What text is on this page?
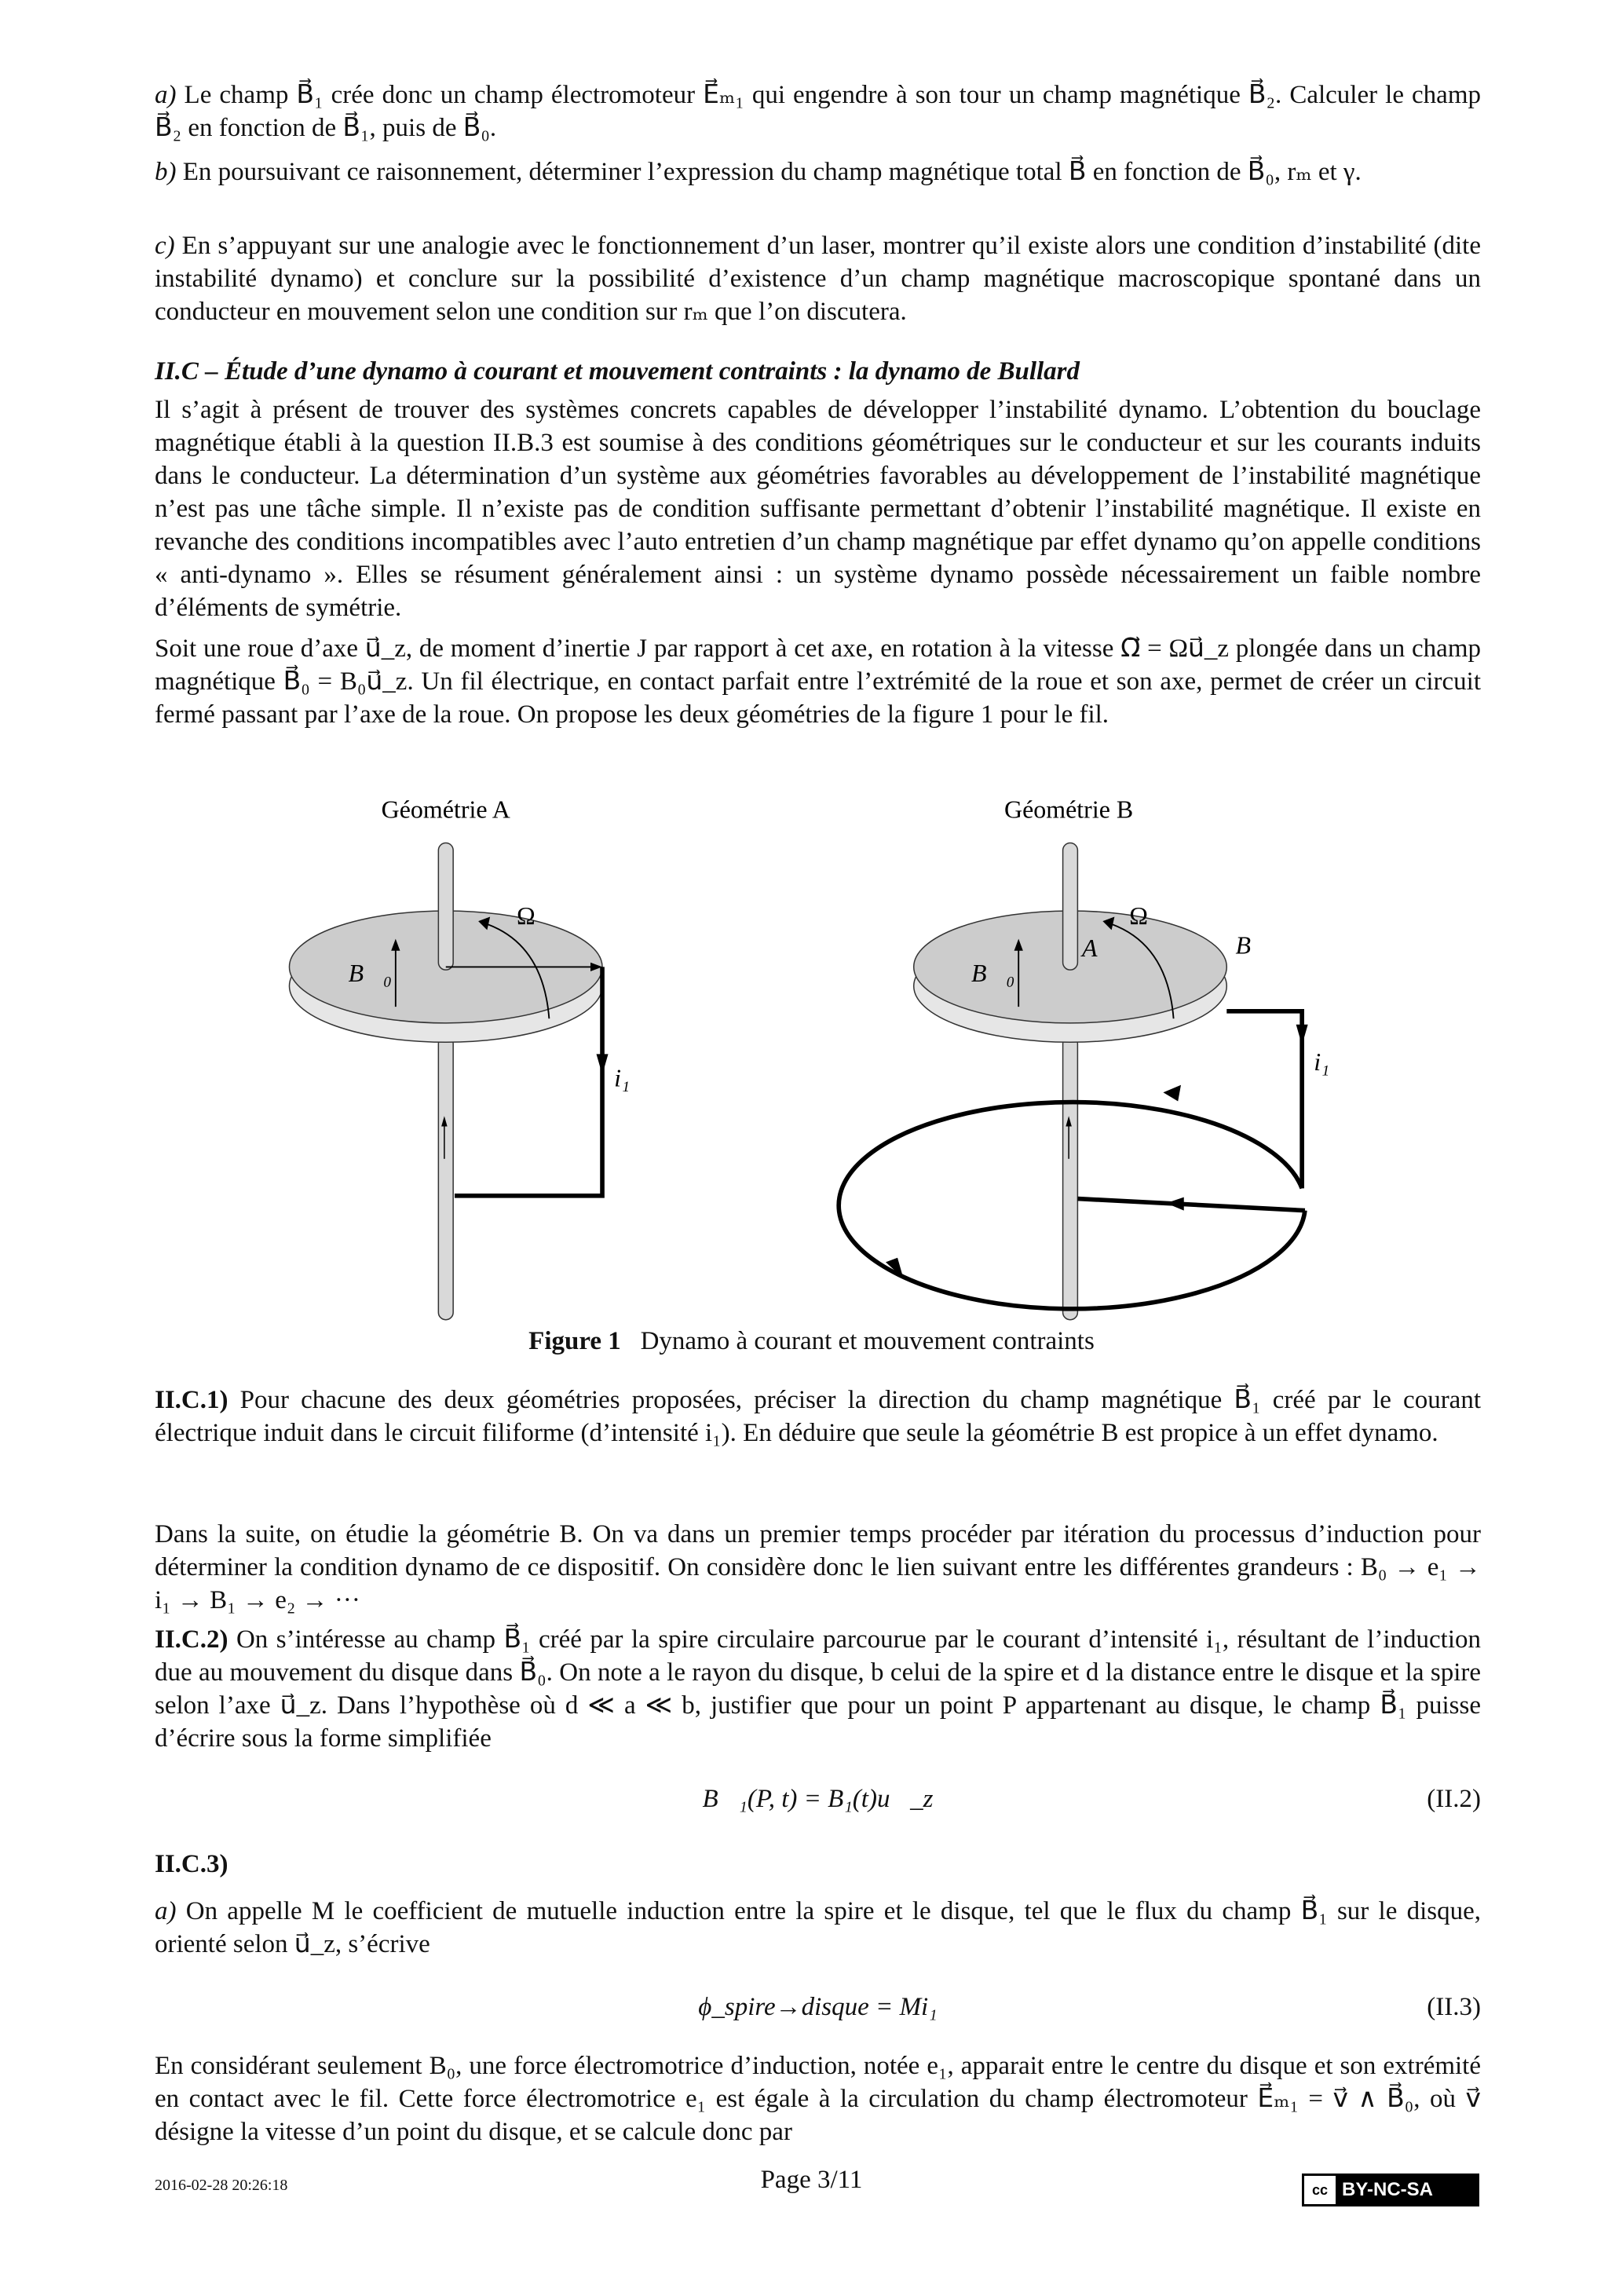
a) Le champ B⃗₁ crée donc un champ électromoteur E⃗ₘ₁ qui engendre à son tour un champ magnétique B⃗₂. Calculer le champ B⃗₂ en fonction de B⃗₁, puis de B⃗₀.
b) En poursuivant ce raisonnement, déterminer l’expression du champ magnétique total B⃗ en fonction de B⃗₀, rₘ et γ.
c) En s’appuyant sur une analogie avec le fonctionnement d’un laser, montrer qu’il existe alors une condition d’instabilité (dite instabilité dynamo) et conclure sur la possibilité d’existence d’un champ magnétique macroscopique spontané dans un conducteur en mouvement selon une condition sur rₘ que l’on discutera.
II.C – Étude d’une dynamo à courant et mouvement contraints : la dynamo de Bullard
Il s’agit à présent de trouver des systèmes concrets capables de développer l’instabilité dynamo. L’obtention du bouclage magnétique établi à la question II.B.3 est soumise à des conditions géométriques sur le conducteur et sur les courants induits dans le conducteur. La détermination d’un système aux géométries favorables au développement de l’instabilité magnétique n’est pas une tâche simple. Il n’existe pas de condition suffisante permettant d’obtenir l’instabilité magnétique. Il existe en revanche des conditions incompatibles avec l’auto entretien d’un champ magnétique par effet dynamo qu’on appelle conditions « anti-dynamo ». Elles se résument généralement ainsi : un système dynamo possède nécessairement un faible nombre d’éléments de symétrie.
Soit une roue d’axe u⃗_z, de moment d’inertie J par rapport à cet axe, en rotation à la vitesse Ω⃗ = Ωu⃗_z plongée dans un champ magnétique B⃗₀ = B₀u⃗_z. Un fil électrique, en contact parfait entre l’extrémité de la roue et son axe, permet de créer un circuit fermé passant par l’axe de la roue. On propose les deux géométries de la figure 1 pour le fil.
Géométrie A	Géométrie B
Ω
B⃗₀
i₁
Ω
A	B
B⃗₀
i₁
Figure 1 Dynamo à courant et mouvement contraints
II.C.1) Pour chacune des deux géométries proposées, préciser la direction du champ magnétique B⃗₁ créé par le courant électrique induit dans le circuit filiforme (d’intensité i₁). En déduire que seule la géométrie B est propice à un effet dynamo.
Dans la suite, on étudie la géométrie B. On va dans un premier temps procéder par itération du processus d’induction pour déterminer la condition dynamo de ce dispositif. On considère donc le lien suivant entre les différentes grandeurs : B₀ → e₁ → i₁ → B₁ → e₂ → ···
II.C.2) On s’intéresse au champ B⃗₁ créé par la spire circulaire parcourue par le courant d’intensité i₁, résultant de l’induction due au mouvement du disque dans B⃗₀. On note a le rayon du disque, b celui de la spire et d la distance entre le disque et la spire selon l’axe u⃗_z. Dans l’hypothèse où d ≪ a ≪ b, justifier que pour un point P appartenant au disque, le champ B⃗₁ puisse d’écrire sous la forme simplifiée
B⃗₁(P, t) = B₁(t)u⃗_z	(II.2)
II.C.3)
a) On appelle M le coefficient de mutuelle induction entre la spire et le disque, tel que le flux du champ B⃗₁ sur le disque, orienté selon u⃗_z, s’écrive
ϕ_spire→disque = Mi₁	(II.3)
En considérant seulement B₀, une force électromotrice d’induction, notée e₁, apparait entre le centre du disque et son extrémité en contact avec le fil. Cette force électromotrice e₁ est égale à la circulation du champ électromoteur E⃗ₘ₁ = v⃗ ∧ B⃗₀, où v⃗ désigne la vitesse d’un point du disque, et se calcule donc par
2016-02-28 20:26:18	Page 3/11	cc BY-NC-SA
